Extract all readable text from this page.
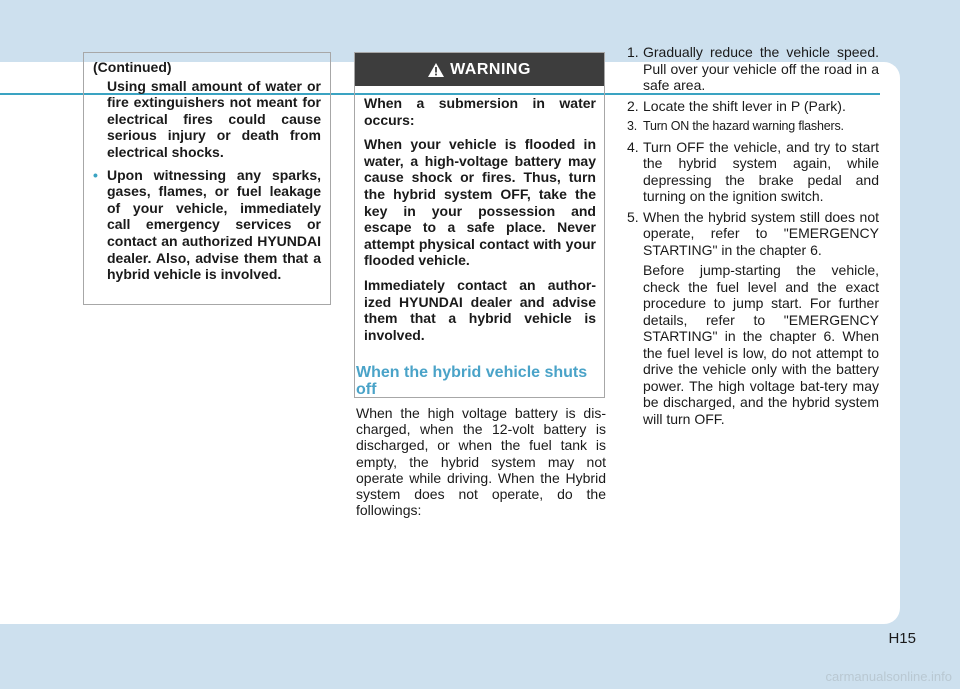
(Continued)

Using small amount of water or fire extinguishers not meant for electrical fires could cause serious injury or death from electrical shocks.

• Upon witnessing any sparks, gases, flames, or fuel leakage of your vehicle, immediately call emergency services or contact an authorized HYUNDAI dealer. Also, advise them that a hybrid vehicle is involved.

WARNING

When a submersion in water occurs:

When your vehicle is flooded in water, a high-voltage battery may cause shock or fires. Thus, turn the hybrid system OFF, take the key in your possession and escape to a safe place. Never attempt physical contact with your flooded vehicle.

Immediately contact an author-ized HYUNDAI dealer and advise them that a hybrid vehicle is involved.

When the hybrid vehicle shuts off
When the high voltage battery is dis-charged, when the 12-volt battery is discharged, or when the fuel tank is empty, the hybrid system may not operate while driving. When the Hybrid system does not operate, do the followings:

1. Gradually reduce the vehicle speed. Pull over your vehicle off the road in a safe area.

2. Locate the shift lever in P (Park).

3. Turn ON the hazard warning flashers.

4. Turn OFF the vehicle, and try to start the hybrid system again, while depressing the brake pedal and turning on the ignition switch.

5. When the hybrid system still does not operate, refer to "EMERGENCY STARTING" in the chapter 6.

Before jump-starting the vehicle, check the fuel level and the exact procedure to jump start. For further details, refer to "EMERGENCY STARTING" in the chapter 6. When the fuel level is low, do not attempt to drive the vehicle only with the battery power. The high voltage bat-tery may be discharged, and the hybrid system will turn OFF.

H15
carmanualsonline.info
